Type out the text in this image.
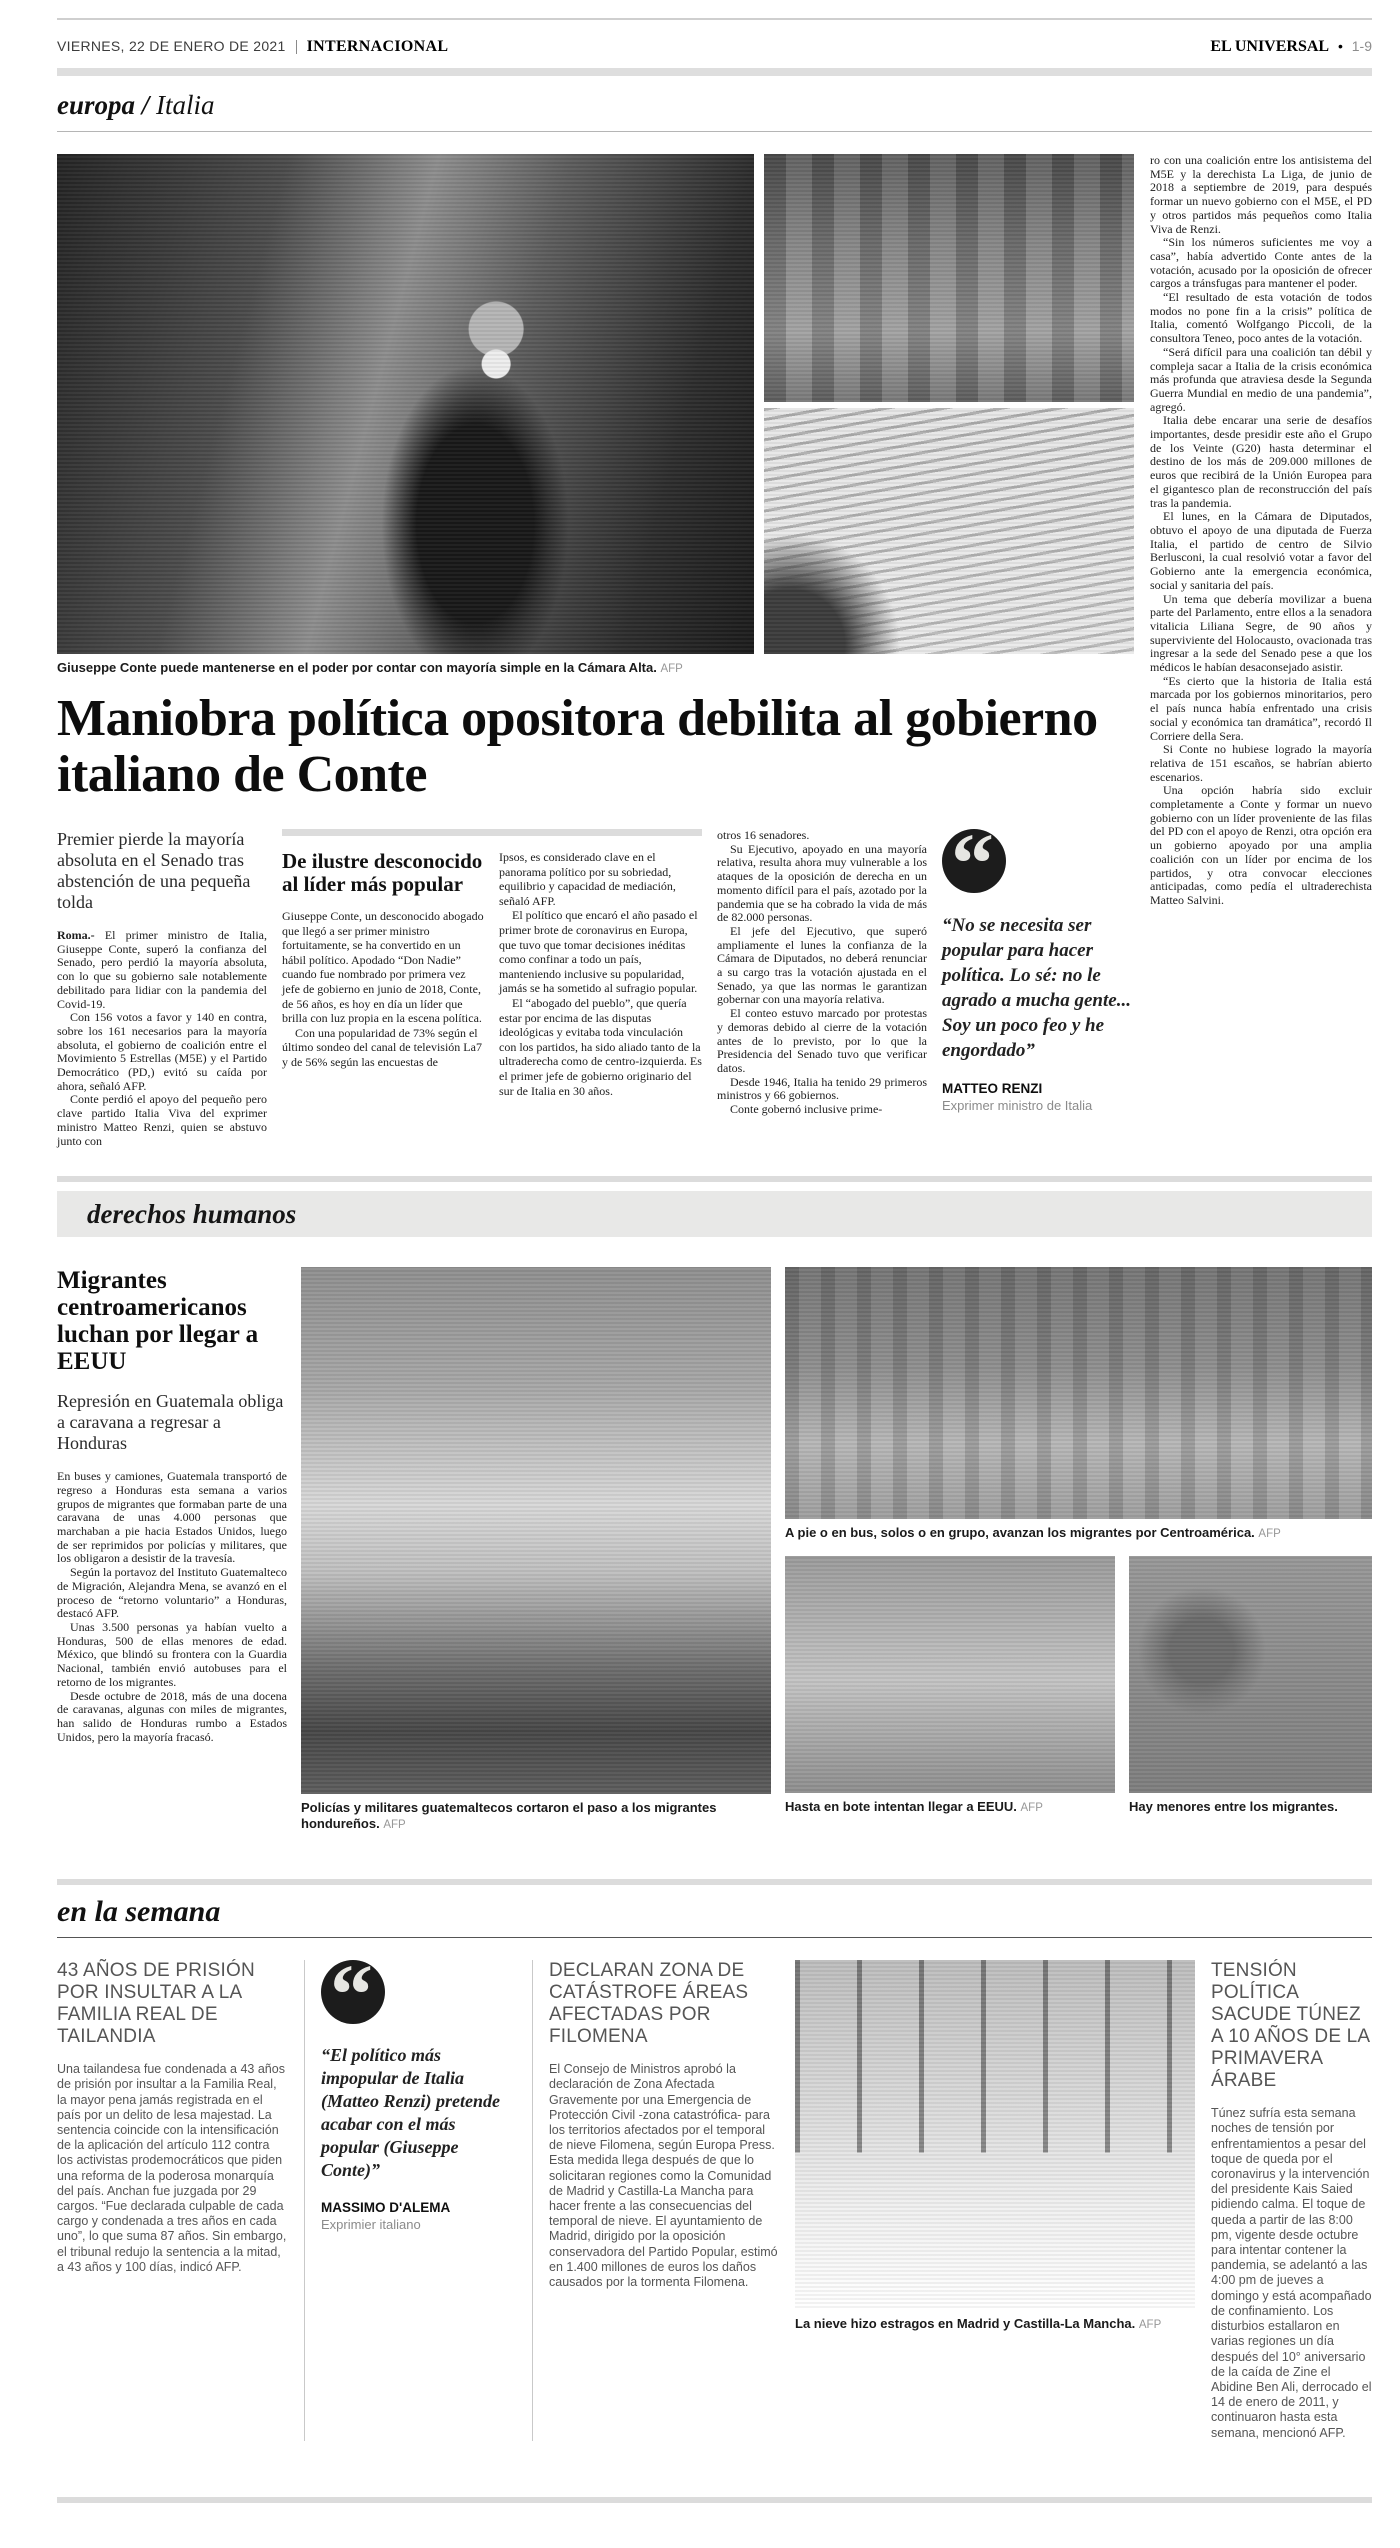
VIERNES, 22 DE ENERO DE 2021 INTERNACIONAL	EL UNIVERSAL • 1-9
europa / Italia
Giuseppe Conte puede mantenerse en el poder por contar con mayoría simple en la Cámara Alta. AFP
Maniobra política opositora debilita al gobierno italiano de Conte
Premier pierde la mayoría absoluta en el Senado tras abstención de una pequeña tolda

Roma.- El primer ministro de Italia, Giuseppe Conte, superó la confianza del Senado, pero perdió la mayoría absoluta, con lo que su gobierno sale notablemente debilitado para lidiar con la pandemia del Covid-19.

Con 156 votos a favor y 140 en contra, sobre los 161 necesarios para la mayoría absoluta, el gobierno de coalición entre el Movimiento 5 Estrellas (M5E) y el Partido Democrático (PD,) evitó su caída por ahora, señaló AFP.

Conte perdió el apoyo del pequeño pero clave partido Italia Viva del exprimer ministro Matteo Renzi, quien se abstuvo junto con

De ilustre desconocido al líder más popular

Giuseppe Conte, un desconocido abogado que llegó a ser primer ministro fortuitamente, se ha convertido en un hábil político. Apodado “Don Nadie” cuando fue nombrado por primera vez jefe de gobierno en junio de 2018, Conte, de 56 años, es hoy en día un líder que brilla con luz propia en la escena política.

Con una popularidad de 73% según el último sondeo del canal de televisión La7 y de 56% según las encuestas de

Ipsos, es considerado clave en el panorama político por su sobriedad, equilibrio y capacidad de mediación, señaló AFP.

El político que encaró el año pasado el primer brote de coronavirus en Europa, que tuvo que tomar decisiones inéditas como confinar a todo un país, manteniendo inclusive su popularidad, jamás se ha sometido al sufragio popular.

El “abogado del pueblo”, que quería estar por encima de las disputas ideológicas y evitaba toda vinculación con los partidos, ha sido aliado tanto de la ultraderecha como de centro-izquierda. Es el primer jefe de gobierno originario del sur de Italia en 30 años.

otros 16 senadores.

Su Ejecutivo, apoyado en una mayoría relativa, resulta ahora muy vulnerable a los ataques de la oposición de derecha en un momento difícil para el país, azotado por la pandemia que se ha cobrado la vida de más de 82.000 personas.

El jefe del Ejecutivo, que superó ampliamente el lunes la confianza de la Cámara de Diputados, no deberá renunciar a su cargo tras la votación ajustada en el Senado, ya que las normas le garantizan gobernar con una mayoría relativa.

El conteo estuvo marcado por protestas y demoras debido al cierre de la votación antes de lo previsto, por lo que la Presidencia del Senado tuvo que verificar datos.

Desde 1946, Italia ha tenido 29 primeros ministros y 66 gobiernos.

Conte gobernó inclusive prime-

“
“No se necesita ser popular para hacer política. Lo sé: no le agrado a mucha gente... Soy un poco feo y he engordado”
MATTEO RENZI
Exprimer ministro de Italia

ro con una coalición entre los antisistema del M5E y la derechista La Liga, de junio de 2018 a septiembre de 2019, para después formar un nuevo gobierno con el M5E, el PD y otros partidos más pequeños como Italia Viva de Renzi.

“Sin los números suficientes me voy a casa”, había advertido Conte antes de la votación, acusado por la oposición de ofrecer cargos a tránsfugas para mantener el poder.

“El resultado de esta votación de todos modos no pone fin a la crisis” política de Italia, comentó Wolfgango Piccoli, de la consultora Teneo, poco antes de la votación.

“Será difícil para una coalición tan débil y compleja sacar a Italia de la crisis económica más profunda que atraviesa desde la Segunda Guerra Mundial en medio de una pandemia”, agregó.

Italia debe encarar una serie de desafíos importantes, desde presidir este año el Grupo de los Veinte (G20) hasta determinar el destino de los más de 209.000 millones de euros que recibirá de la Unión Europea para el gigantesco plan de reconstrucción del país tras la pandemia.

El lunes, en la Cámara de Diputados, obtuvo el apoyo de una diputada de Fuerza Italia, el partido de centro de Silvio Berlusconi, la cual resolvió votar a favor del Gobierno ante la emergencia económica, social y sanitaria del país.

Un tema que debería movilizar a buena parte del Parlamento, entre ellos a la senadora vitalicia Liliana Segre, de 90 años y superviviente del Holocausto, ovacionada tras ingresar a la sede del Senado pese a que los médicos le habían desaconsejado asistir.

“Es cierto que la historia de Italia está marcada por los gobiernos minoritarios, pero el país nunca había enfrentado una crisis social y económica tan dramática”, recordó Il Corriere della Sera.

Si Conte no hubiese logrado la mayoría relativa de 151 escaños, se habrían abierto escenarios.

Una opción habría sido excluir completamente a Conte y formar un nuevo gobierno con un líder proveniente de las filas del PD con el apoyo de Renzi, otra opción era un gobierno apoyado por una amplia coalición con un líder por encima de los partidos, y otra convocar elecciones anticipadas, como pedía el ultraderechista Matteo Salvini.

derechos humanos
Migrantes centroamericanos luchan por llegar a EEUU
Represión en Guatemala obliga a caravana a regresar a Honduras

En buses y camiones, Guatemala transportó de regreso a Honduras esta semana a varios grupos de migrantes que formaban parte de una caravana de unas 4.000 personas que marchaban a pie hacia Estados Unidos, luego de ser reprimidos por policías y militares, que los obligaron a desistir de la travesía.

Según la portavoz del Instituto Guatemalteco de Migración, Alejandra Mena, se avanzó en el proceso de “retorno voluntario” a Honduras, destacó AFP.

Unas 3.500 personas ya habían vuelto a Honduras, 500 de ellas menores de edad. México, que blindó su frontera con la Guardia Nacional, también envió autobuses para el retorno de los migrantes.

Desde octubre de 2018, más de una docena de caravanas, algunas con miles de migrantes, han salido de Honduras rumbo a Estados Unidos, pero la mayoría fracasó.

Policías y militares guatemaltecos cortaron el paso a los migrantes hondureños. AFP
A pie o en bus, solos o en grupo, avanzan los migrantes por Centroamérica. AFP
Hasta en bote intentan llegar a EEUU. AFP	Hay menores entre los migrantes.
en la semana
43 AÑOS DE PRISIÓN POR INSULTAR A LA FAMILIA REAL DE TAILANDIA
Una tailandesa fue condenada a 43 años de prisión por insultar a la Familia Real, la mayor pena jamás registrada en el país por un delito de lesa majestad. La sentencia coincide con la intensificación de la aplicación del artículo 112 contra los activistas prodemocráticos que piden una reforma de la poderosa monarquía del país. Anchan fue juzgada por 29 cargos. “Fue declarada culpable de cada cargo y condenada a tres años en cada uno”, lo que suma 87 años. Sin embargo, el tribunal redujo la sentencia a la mitad, a 43 años y 100 días, indicó AFP.
“
“El político más impopular de Italia (Matteo Renzi) pretende acabar con el más popular (Giuseppe Conte)”
MASSIMO D'ALEMA
Exprimier italiano
DECLARAN ZONA DE CATÁSTROFE ÁREAS AFECTADAS POR FILOMENA
El Consejo de Ministros aprobó la declaración de Zona Afectada Gravemente por una Emergencia de Protección Civil -zona catastrófica- para los territorios afectados por el temporal de nieve Filomena, según Europa Press. Esta medida llega después de que lo solicitaran regiones como la Comunidad de Madrid y Castilla-La Mancha para hacer frente a las consecuencias del temporal de nieve. El ayuntamiento de Madrid, dirigido por la oposición conservadora del Partido Popular, estimó en 1.400 millones de euros los daños causados por la tormenta Filomena.
La nieve hizo estragos en Madrid y Castilla-La Mancha. AFP
TENSIÓN POLÍTICA SACUDE TÚNEZ A 10 AÑOS DE LA PRIMAVERA ÁRABE
Túnez sufría esta semana noches de tensión por enfrentamientos a pesar del toque de queda por el coronavirus y la intervención del presidente Kais Saied pidiendo calma. El toque de queda a partir de las 8:00 pm, vigente desde octubre para intentar contener la pandemia, se adelantó a las 4:00 pm de jueves a domingo y está acompañado de confinamiento. Los disturbios estallaron en varias regiones un día después del 10° aniversario de la caída de Zine el Abidine Ben Ali, derrocado el 14 de enero de 2011, y continuaron hasta esta semana, mencionó AFP.
